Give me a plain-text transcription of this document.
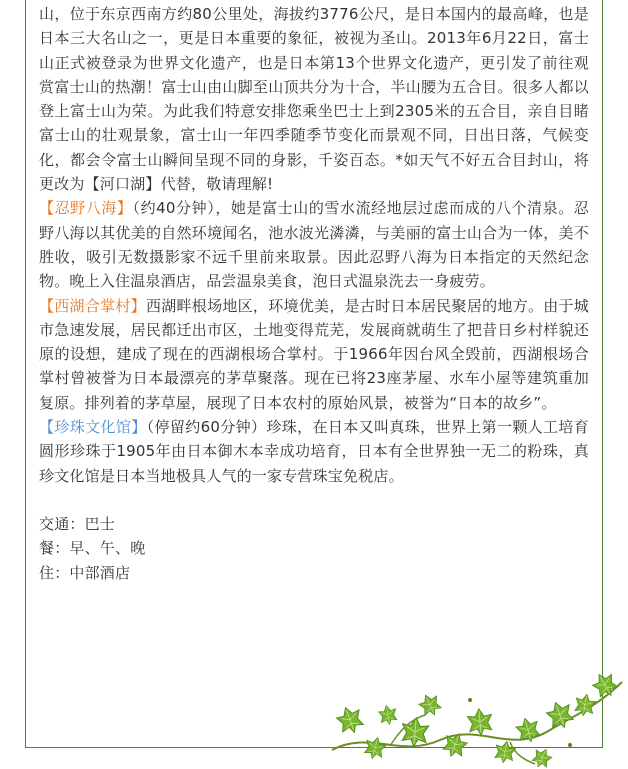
山，位于东京西南方约80公里处，海拔约3776公尺，是日本国内的最高峰，也是日本三大名山之一，更是日本重要的象征，被视为圣山。2013年6月22日，富士山正式被登录为世界文化遗产，也是日本第13个世界文化遗产，更引发了前往观赏富士山的热潮！富士山由山脚至山顶共分为十合，半山腰为五合目。很多人都以登上富士山为荣。为此我们特意安排您乘坐巴士上到2305米的五合目，亲自目睹富士山的壮观景象，富士山一年四季随季节变化而景观不同，日出日落，气候变化，都会令富士山瞬间呈现不同的身影，千姿百态。*如天气不好五合目封山，将更改为【河口湖】代替，敬请理解!

【忍野八海】（约40分钟），她是富士山的雪水流经地层过虑而成的八个清泉。忍野八海以其优美的自然环境闻名，池水波光潾潾，与美丽的富士山合为一体，美不胜收，吸引无数摄影家不远千里前来取景。因此忍野八海为日本指定的天然纪念物。晚上入住温泉酒店，品尝温泉美食，泡日式温泉洗去一身疲劳。

【西湖合掌村】西湖畔根场地区，环境优美，是古时日本居民聚居的地方。由于城市急速发展，居民都迁出市区，土地变得荒芜，发展商就萌生了把昔日乡村样貌还原的设想，建成了现在的西湖根场合掌村。于1966年因台风全毁前，西湖根场合掌村曾被誉为日本最漂亮的茅草聚落。现在已将23座茅屋、水车小屋等建筑重加复原。排列着的茅草屋，展现了日本农村的原始风景，被誉为“日本的故乡”。

【珍珠文化馆】（停留约60分钟）珍珠，在日本又叫真珠，世界上第一颗人工培育圆形珍珠于1905年由日本御木本幸成功培育，日本有全世界独一无二的粉珠，真珍文化馆是日本当地极具人气的一家专营珠宝免税店。

交通：巴士

餐：早、午、晚

住：中部酒店
